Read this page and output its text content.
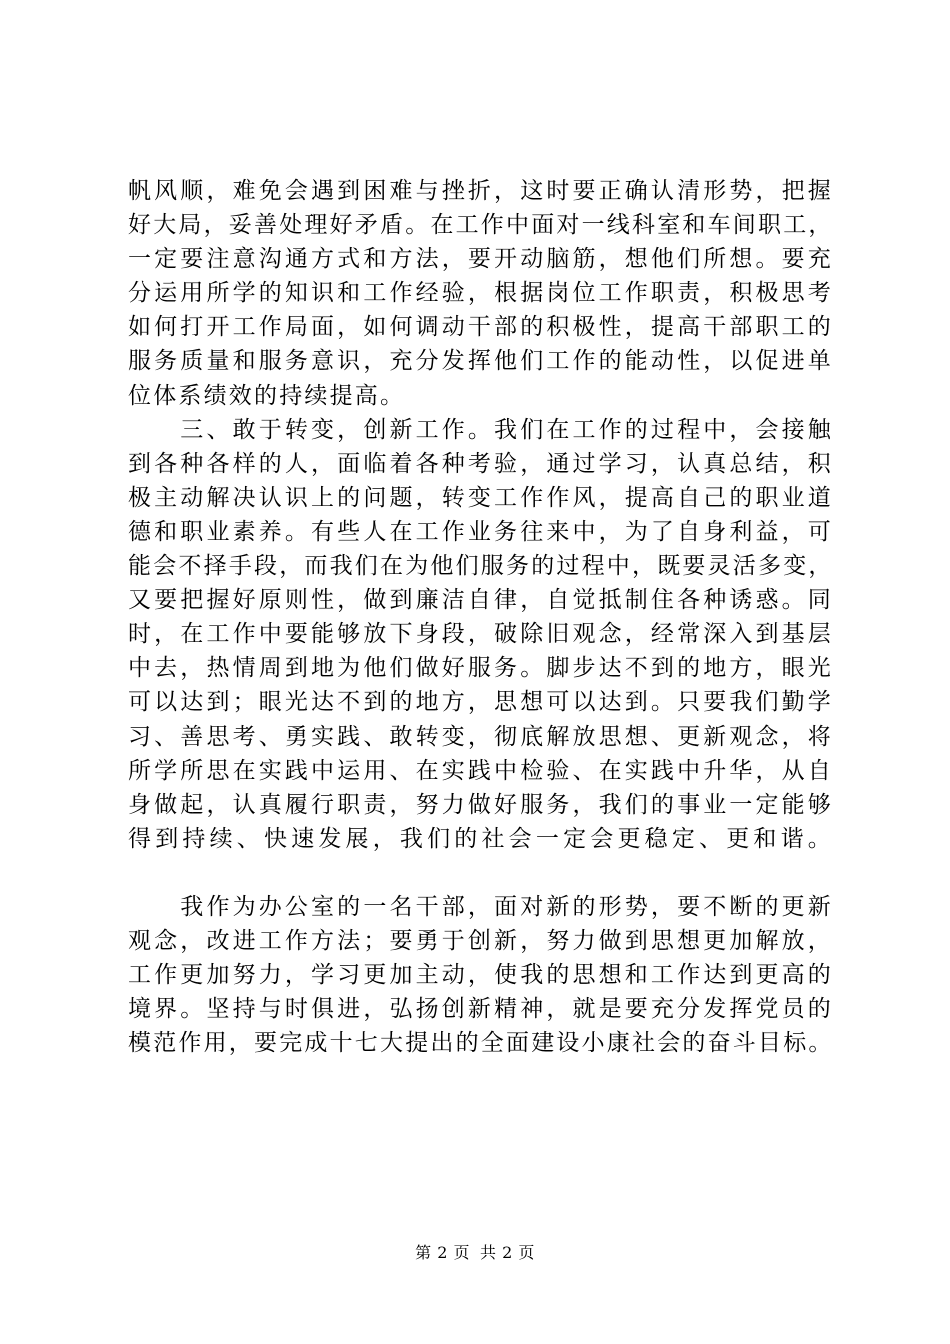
帆风顺，难免会遇到困难与挫折，这时要正确认清形势，把握
好大局，妥善处理好矛盾。在工作中面对一线科室和车间职工，
一定要注意沟通方式和方法，要开动脑筋，想他们所想。要充
分运用所学的知识和工作经验，根据岗位工作职责，积极思考
如何打开工作局面，如何调动干部的积极性，提高干部职工的
服务质量和服务意识，充分发挥他们工作的能动性，以促进单
位体系绩效的持续提高。
　　三、敢于转变，创新工作。我们在工作的过程中，会接触
到各种各样的人，面临着各种考验，通过学习，认真总结，积
极主动解决认识上的问题，转变工作作风，提高自己的职业道
德和职业素养。有些人在工作业务往来中，为了自身利益，可
能会不择手段，而我们在为他们服务的过程中，既要灵活多变，
又要把握好原则性，做到廉洁自律，自觉抵制住各种诱惑。同
时，在工作中要能够放下身段，破除旧观念，经常深入到基层
中去，热情周到地为他们做好服务。脚步达不到的地方，眼光
可以达到；眼光达不到的地方，思想可以达到。只要我们勤学
习、善思考、勇实践、敢转变，彻底解放思想、更新观念，将
所学所思在实践中运用、在实践中检验、在实践中升华，从自
身做起，认真履行职责，努力做好服务，我们的事业一定能够
得到持续、快速发展，我们的社会一定会更稳定、更和谐。
　　我作为办公室的一名干部，面对新的形势，要不断的更新
观念，改进工作方法；要勇于创新，努力做到思想更加解放，
工作更加努力，学习更加主动，使我的思想和工作达到更高的
境界。坚持与时俱进，弘扬创新精神，就是要充分发挥党员的
模范作用，要完成十七大提出的全面建设小康社会的奋斗目标。
第 2 页 共 2 页
